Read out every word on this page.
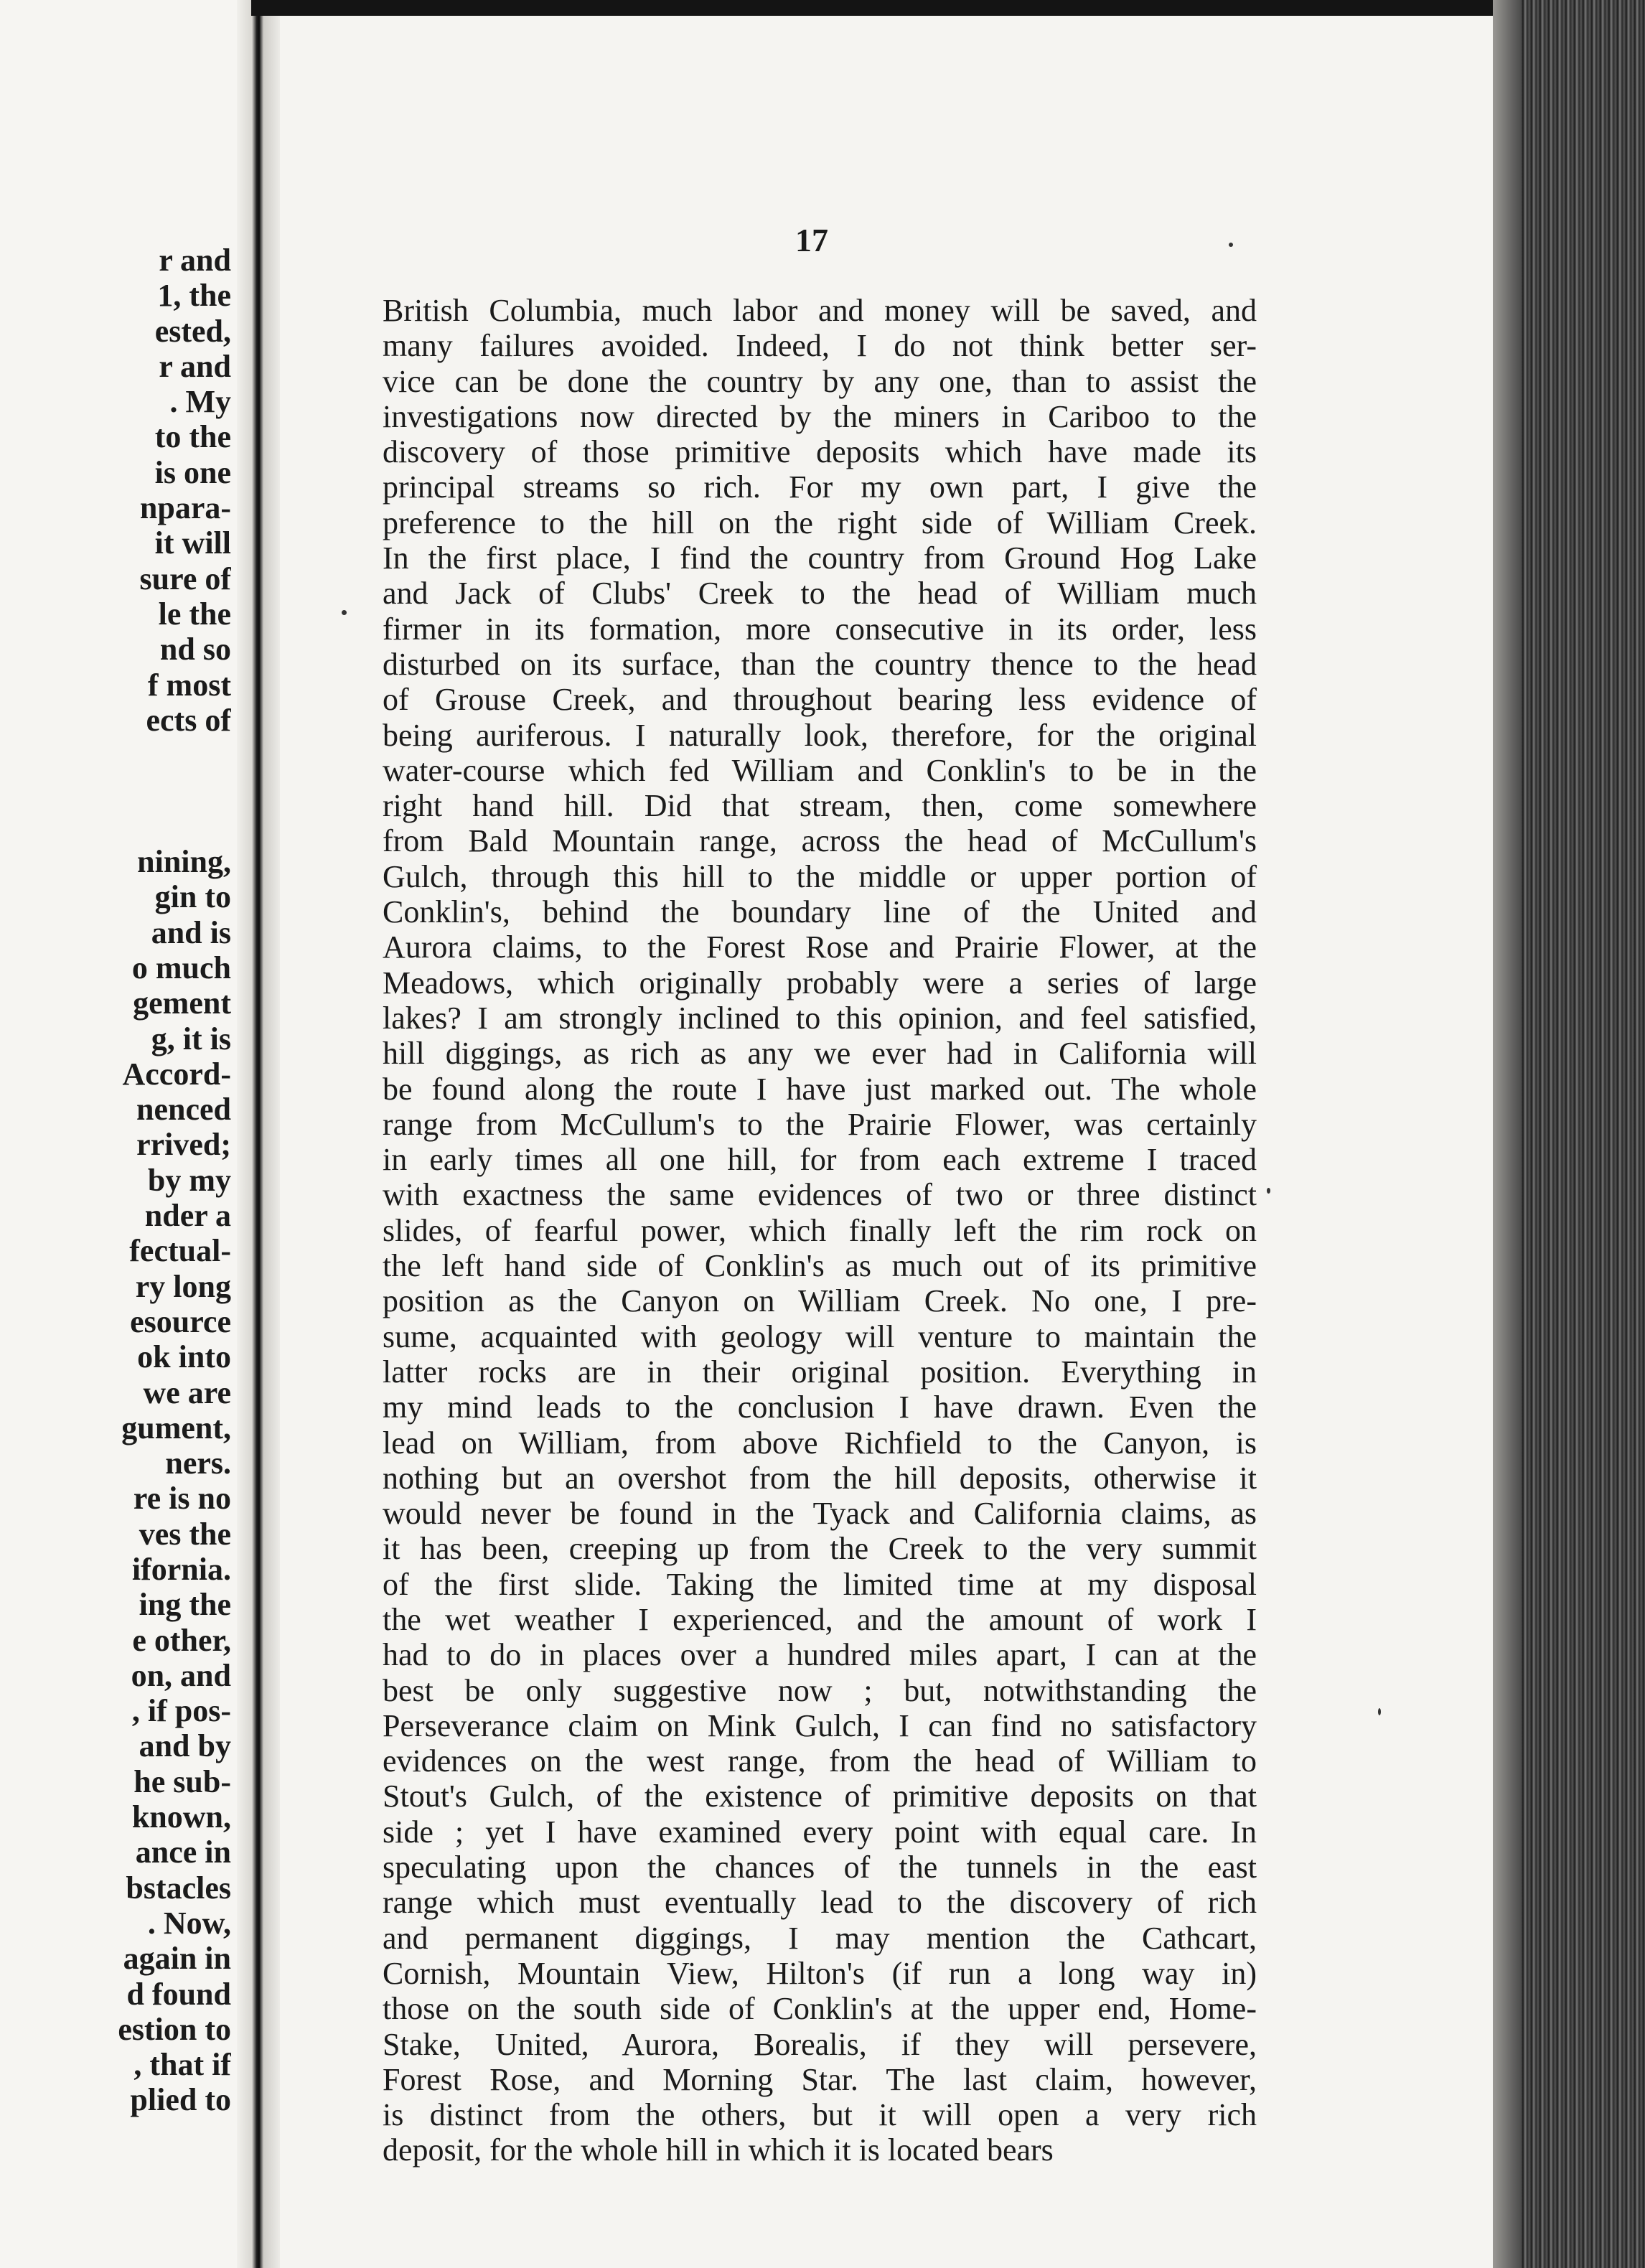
r and
1, the
ested,
r and
. My
to the
is one
npara-
it will
sure of
le the
nd so
f most
ects of
nining,
gin to
and is
o much
gement
g, it is
Accord-
nenced
rrived;
by my
nder a
fectual-
ry long
esource
ok into
we are
gument,
ners.
re is no
ves the
ifornia.
ing the
e other,
on, and
, if pos-
and by
he sub-
known,
ance in
bstacles
. Now,
again in
d found
estion to
, that if
plied to
17
British Columbia, much labor and money will be saved, and
many failures avoided. Indeed, I do not think better ser-
vice can be done the country by any one, than to assist the
investigations now directed by the miners in Cariboo to the
discovery of those primitive deposits which have made its
principal streams so rich. For my own part, I give the
preference to the hill on the right side of William Creek.
In the first place, I find the country from Ground Hog Lake
and Jack of Clubs' Creek to the head of William much
firmer in its formation, more consecutive in its order, less
disturbed on its surface, than the country thence to the head
of Grouse Creek, and throughout bearing less evidence of
being auriferous. I naturally look, therefore, for the original
water-course which fed William and Conklin's to be in the
right hand hill. Did that stream, then, come somewhere
from Bald Mountain range, across the head of McCullum's
Gulch, through this hill to the middle or upper portion of
Conklin's, behind the boundary line of the United and
Aurora claims, to the Forest Rose and Prairie Flower, at the
Meadows, which originally probably were a series of large
lakes? I am strongly inclined to this opinion, and feel satisfied,
hill diggings, as rich as any we ever had in California will
be found along the route I have just marked out. The whole
range from McCullum's to the Prairie Flower, was certainly
in early times all one hill, for from each extreme I traced
with exactness the same evidences of two or three distinct
slides, of fearful power, which finally left the rim rock on
the left hand side of Conklin's as much out of its primitive
position as the Canyon on William Creek. No one, I pre-
sume, acquainted with geology will venture to maintain the
latter rocks are in their original position. Everything in
my mind leads to the conclusion I have drawn. Even the
lead on William, from above Richfield to the Canyon, is
nothing but an overshot from the hill deposits, otherwise it
would never be found in the Tyack and California claims, as
it has been, creeping up from the Creek to the very summit
of the first slide. Taking the limited time at my disposal
the wet weather I experienced, and the amount of work I
had to do in places over a hundred miles apart, I can at the
best be only suggestive now ; but, notwithstanding the
Perseverance claim on Mink Gulch, I can find no satisfactory
evidences on the west range, from the head of William to
Stout's Gulch, of the existence of primitive deposits on that
side ; yet I have examined every point with equal care. In
speculating upon the chances of the tunnels in the east
range which must eventually lead to the discovery of rich
and permanent diggings, I may mention the Cathcart,
Cornish, Mountain View, Hilton's (if run a long way in)
those on the south side of Conklin's at the upper end, Home-
Stake, United, Aurora, Borealis, if they will persevere,
Forest Rose, and Morning Star. The last claim, however,
is distinct from the others, but it will open a very rich
deposit, for the whole hill in which it is located bears
